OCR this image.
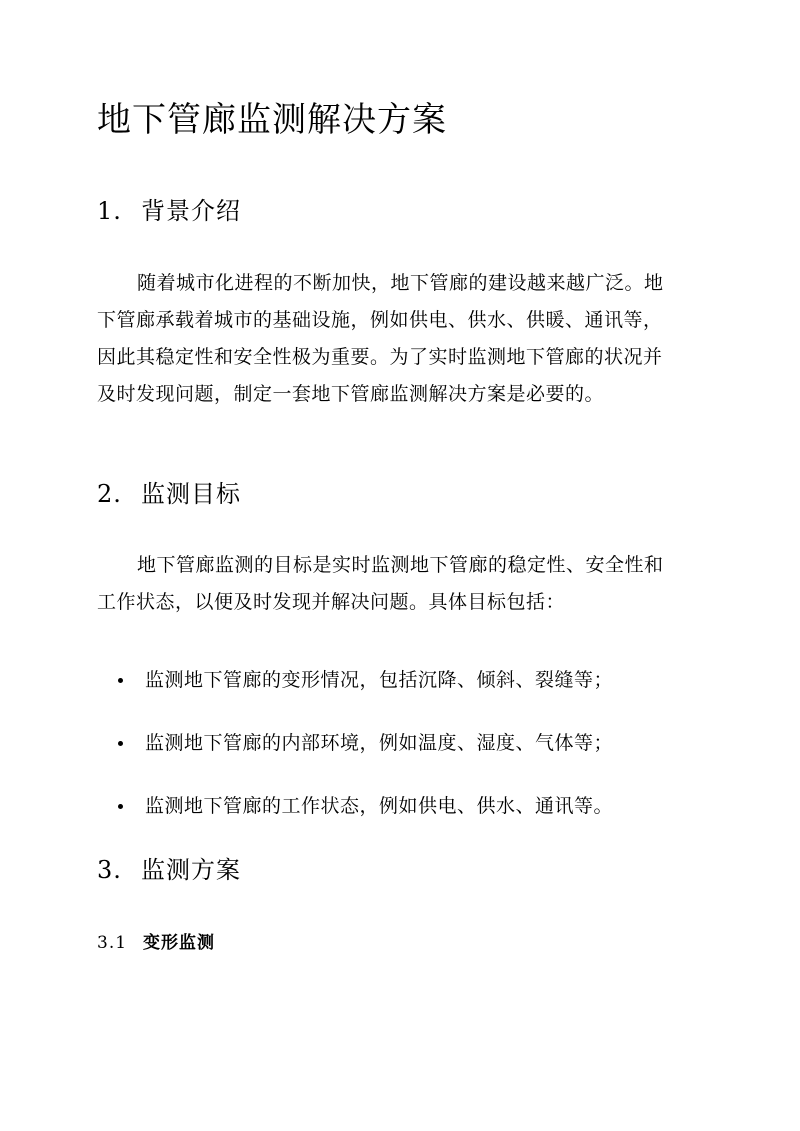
地下管廊监测解决方案
1. 背景介绍

随着城市化进程的不断加快，地下管廊的建设越来越广泛。地
下管廊承载着城市的基础设施，例如供电、供水、供暖、通讯等，
因此其稳定性和安全性极为重要。为了实时监测地下管廊的状况并
及时发现问题，制定一套地下管廊监测解决方案是必要的。

2. 监测目标

地下管廊监测的目标是实时监测地下管廊的稳定性、安全性和
工作状态，以便及时发现并解决问题。具体目标包括：

监测地下管廊的变形情况，包括沉降、倾斜、裂缝等；
监测地下管廊的内部环境，例如温度、湿度、气体等；
监测地下管廊的工作状态，例如供电、供水、通讯等。
3. 监测方案
3.1 变形监测
